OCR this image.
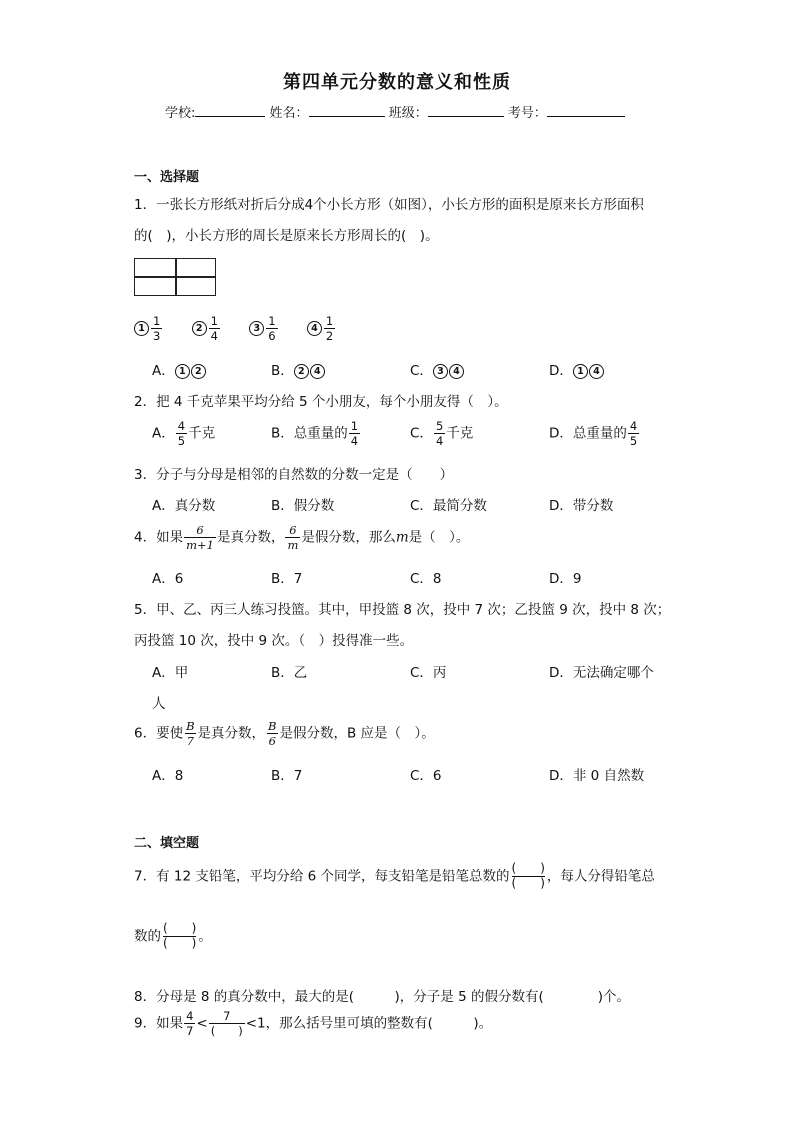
第四单元分数的意义和性质
学校:	姓名：	班级：	考号：
一、选择题
1．一张长方形纸对折后分成4个小长方形（如图），小长方形的面积是原来长方形面积
的(　)，小长方形的周长是原来长方形周长的(　)。
$1 \frac{1}{3}$	$2 \frac{1}{4}$	$3 \frac{1}{6}$	$4 \frac{1}{2}$
A． 1 2	B． 2 4	C． 3 4	D． 1 4
2．把 4 千克苹果平均分给 5 个小朋友，每个小朋友得（　）。
A． $\frac{4}{5}$ 千克	B．总重量的 $\frac{1}{4}$	C． $\frac{5}{4}$ 千克	D．总重量的 $\frac{4}{5}$
3．分子与分母是相邻的自然数的分数一定是（　　）
A．真分数	B．假分数	C．最简分数	D．带分数
4．如果 $\frac{6}{m+1}$ 是真分数， $\frac{6}{m}$ 是假分数，那么m是（　）。
A．6	B．7	C．8	D．9
5．甲、乙、丙三人练习投篮。其中，甲投篮 8 次，投中 7 次；乙投篮 9 次，投中 8 次；
丙投篮 10 次，投中 9 次。（　）投得准一些。
A．甲	B．乙	C．丙	D．无法确定哪个
人
6．要使 $\frac{B}{7}$ 是真分数， $\frac{B}{6}$ 是假分数，B 应是（　）。
A．8	B．7	C．6	D．非 0 自然数
二、填空题
7．有 12 支铅笔，平均分给 6 个同学，每支铅笔是铅笔总数的 $\frac{( )}{( )}$ ，每人分得铅笔总
数的 $\frac{( )}{( )}$ 。
8．分母是 8 的真分数中，最大的是(　　　)，分子是 5 的假分数有(　　　　)个。
9．如果 $\frac{4}{7} < \frac{7}{( )} <1$，那么括号里可填的整数有(　　　)。
